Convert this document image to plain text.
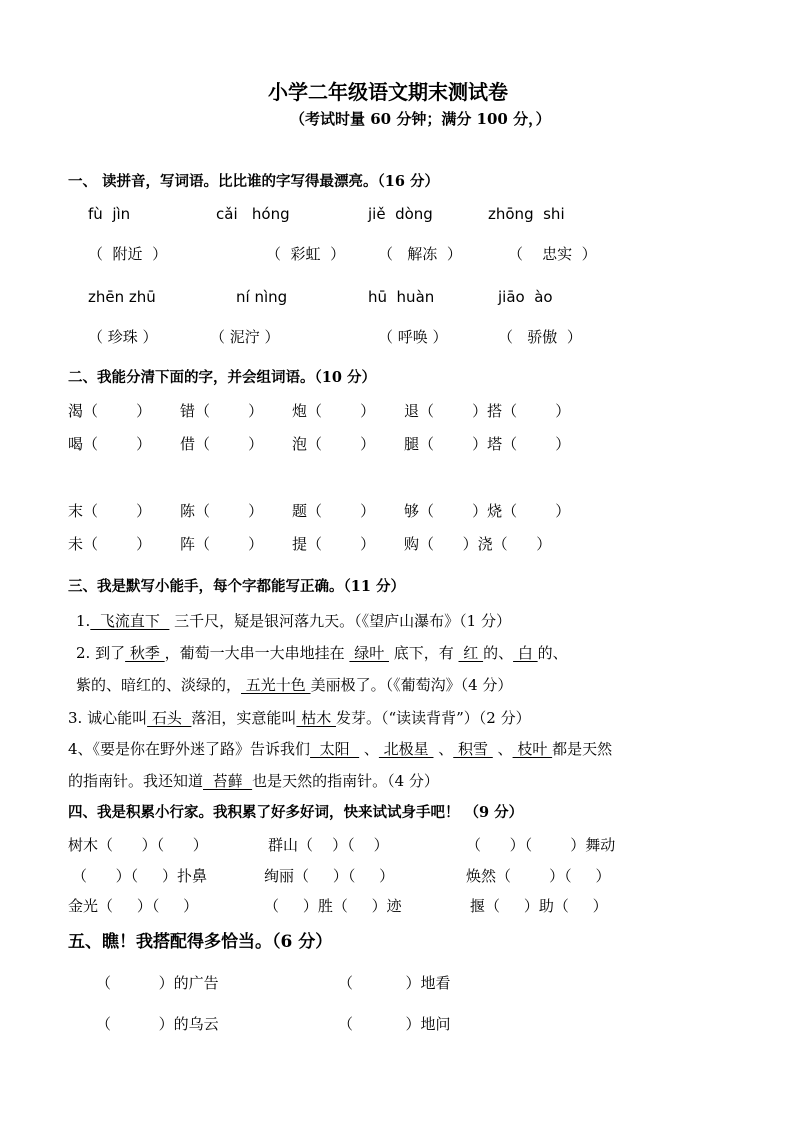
小学二年级语文期末测试卷
（考试时量 60 分钟；满分 100 分，）
一、 读拼音，写词语。比比谁的字写得最漂亮。（16 分）
fù  jìn	cǎi   hóng	jiě  dòng	zhōng  shi
（  附近  ）	（  彩虹  ） （   解冻  ）	（    忠实  ）
zhēn zhū	ní nìng	hū  huàn	jiāo  ào
（ 珍珠 ）	（ 泥泞 ）	（ 呼唤 ）	（   骄傲  ）
二、我能分清下面的字，并会组词语。（10 分）
渴（        ） 错（        ） 炮（        ） 退（        ）搭（        ）
喝（        ） 借（        ） 泡（        ） 腿（        ）塔（        ）
末（        ） 陈（        ） 题（        ） 够（        ）烧（        ）
未（        ） 阵（        ） 提（        ） 购（      ）浇（      ）
三、我是默写小能手，每个字都能写正确。（11 分）
1.  飞流直下   三千尺，疑是银河落九天。（《望庐山瀑布》（1 分）
2. 到了 秋季 ，葡萄一大串一大串地挂在  绿叶  底下，有  红 的、 白 的、
紫的、暗红的、淡绿的， 五光十色 美丽极了。（《葡萄沟》（4 分）
3. 诚心能叫 石头  落泪，实意能叫 枯木 发芽。（“读读背背”）（2 分）
4、《要是你在野外迷了路》告诉我们  太阳   、 北极星  、 积雪  、 枝叶 都是天然
的指南针。我还知道  苔藓  也是天然的指南针。（4 分）
四、我是积累小行家。我积累了好多好词，快来试试身手吧！ （9 分）
树木（      ）（      ）	群山（    ）（    ）	（      ）（        ）舞动
（      ）（     ）扑鼻	绚丽（     ）（     ）	焕然（        ）（     ）
金光（     ）（     ）	（     ）胜（     ）迹	揠（     ）助（     ）
五、瞧！我搭配得多恰当。（6 分）
（          ）的广告	（           ）地看
（          ）的乌云	（           ）地问
